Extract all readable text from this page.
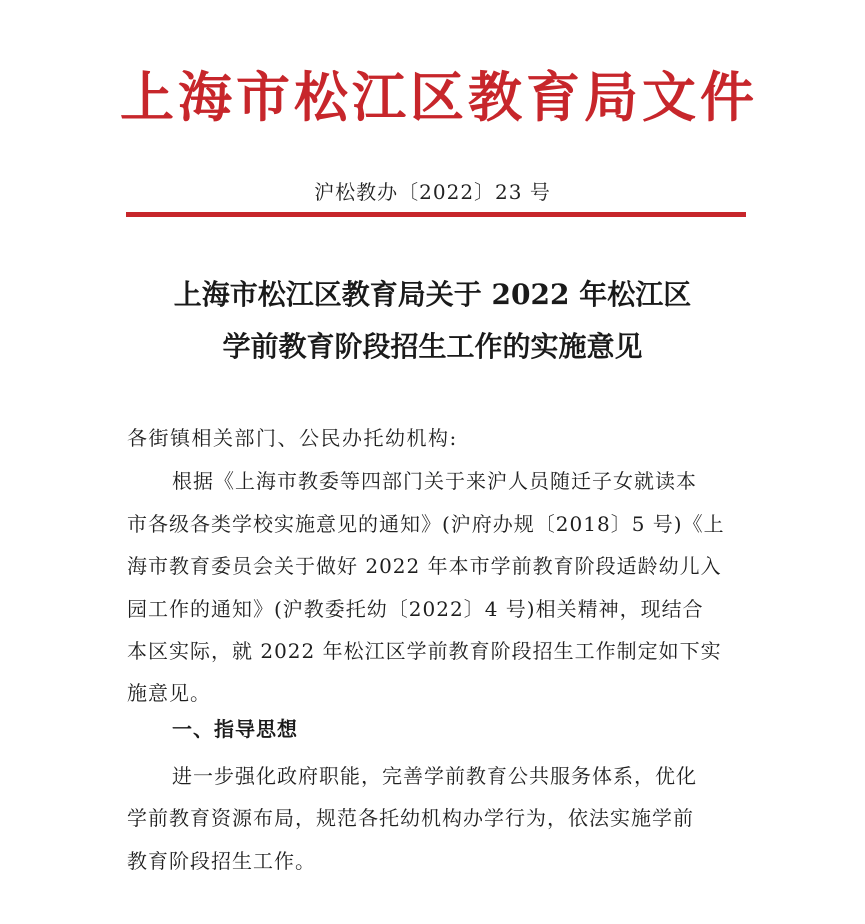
上海市松江区教育局文件
沪松教办〔2022〕23 号
上海市松江区教育局关于 2022 年松江区
学前教育阶段招生工作的实施意见
各街镇相关部门、公民办托幼机构:
根据《上海市教委等四部门关于来沪人员随迁子女就读本
市各级各类学校实施意见的通知》(沪府办规〔2018〕5 号)《上
海市教育委员会关于做好 2022 年本市学前教育阶段适龄幼儿入
园工作的通知》(沪教委托幼〔2022〕4 号)相关精神，现结合
本区实际，就 2022 年松江区学前教育阶段招生工作制定如下实
施意见。
一、指导思想
进一步强化政府职能，完善学前教育公共服务体系，优化
学前教育资源布局，规范各托幼机构办学行为，依法实施学前
教育阶段招生工作。
